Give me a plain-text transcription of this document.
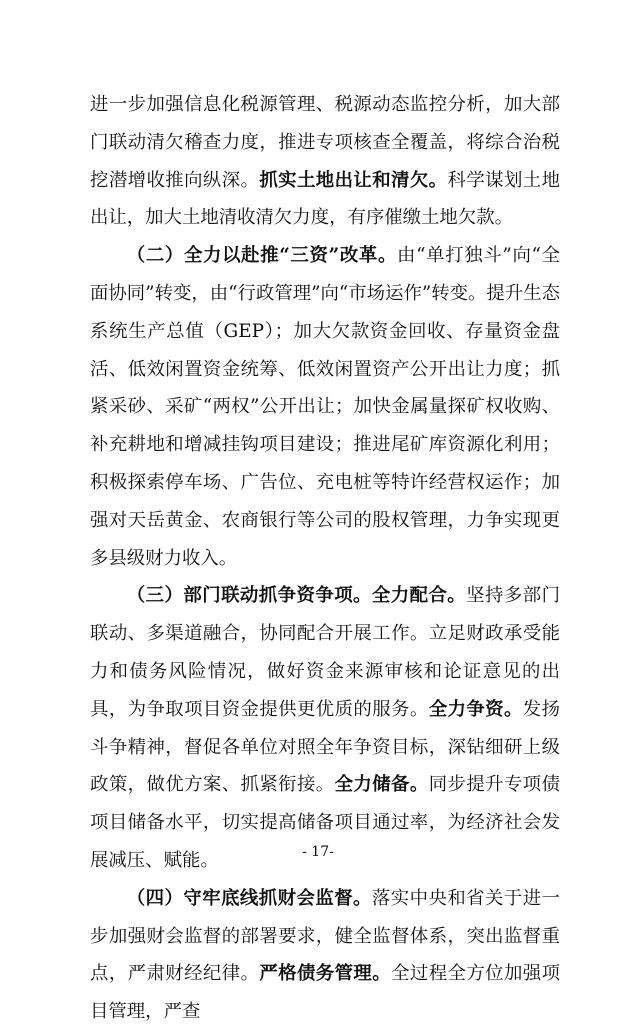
进一步加强信息化税源管理、税源动态监控分析，加大部门联动清欠稽查力度，推进专项核查全覆盖，将综合治税挖潜增收推向纵深。抓实土地出让和清欠。科学谋划土地出让，加大土地清收清欠力度，有序催缴土地欠款。

（二）全力以赴推“三资”改革。由“单打独斗”向“全面协同”转变，由“行政管理”向“市场运作”转变。提升生态系统生产总值（GEP）；加大欠款资金回收、存量资金盘活、低效闲置资金统筹、低效闲置资产公开出让力度；抓紧采砂、采矿“两权”公开出让；加快金属量探矿权收购、补充耕地和增减挂钩项目建设；推进尾矿库资源化利用；积极探索停车场、广告位、充电桩等特许经营权运作；加强对天岳黄金、农商银行等公司的股权管理，力争实现更多县级财力收入。

（三）部门联动抓争资争项。全力配合。坚持多部门联动、多渠道融合，协同配合开展工作。立足财政承受能力和债务风险情况，做好资金来源审核和论证意见的出具，为争取项目资金提供更优质的服务。全力争资。发扬斗争精神，督促各单位对照全年争资目标，深钻细研上级政策，做优方案、抓紧衔接。全力储备。同步提升专项债项目储备水平，切实提高储备项目通过率，为经济社会发展减压、赋能。

（四）守牢底线抓财会监督。落实中央和省关于进一步加强财会监督的部署要求，健全监督体系，突出监督重点，严肃财经纪律。严格债务管理。全过程全方位加强项目管理，严查

- 17-
